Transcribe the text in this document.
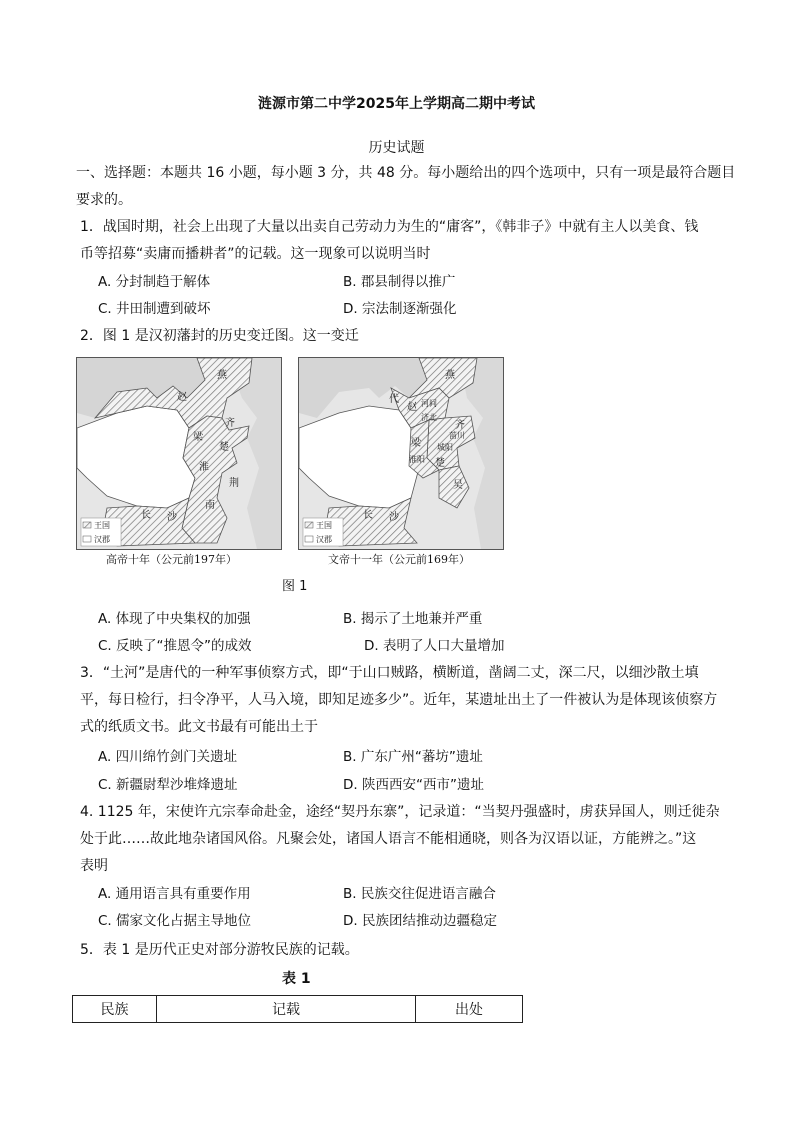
涟源市第二中学2025年上学期高二期中考试
历史试题
一、选择题：本题共 16 小题，每小题 3 分，共 48 分。每小题给出的四个选项中，只有一项是最符合题目
要求的。
1．战国时期，社会上出现了大量以出卖自己劳动力为生的“庸客”，《韩非子》中就有主人以美食、钱
币等招募“卖庸而播耕者”的记载。这一现象可以说明当时
A. 分封制趋于解体	B. 郡县制得以推广
C. 井田制遭到破坏	D. 宗法制逐渐强化
2．图 1 是汉初藩封的历史变迁图。这一变迁
燕
赵
齐
梁
楚
淮
南
荆
长 沙
王国
汉郡
高帝十年（公元前197年）
燕
代
赵 河间
济北
齐
菑川
城阳
梁
淮阳 楚
吴
长 沙
王国
汉郡
文帝十一年（公元前169年）
图 1
A. 体现了中央集权的加强	B. 揭示了土地兼并严重
C. 反映了“推恩令”的成效	D. 表明了人口大量增加
3．“土河”是唐代的一种军事侦察方式，即“于山口贼路，横断道，凿阔二丈，深二尺，以细沙散土填
平，每日检行，扫令净平，人马入境，即知足迹多少”。近年，某遗址出土了一件被认为是体现该侦察方
式的纸质文书。此文书最有可能出土于
A. 四川绵竹剑门关遗址	B. 广东广州“蕃坊”遗址
C. 新疆尉犁沙堆烽遗址	D. 陕西西安“西市”遗址
4. 1125 年，宋使许亢宗奉命赴金，途经“契丹东寨”，记录道：“当契丹强盛时，虏获异国人，则迁徙杂
处于此……故此地杂诸国风俗。凡聚会处，诸国人语言不能相通晓，则各为汉语以证，方能辨之。”这
表明
A. 通用语言具有重要作用	B. 民族交往促进语言融合
C. 儒家文化占据主导地位	D. 民族团结推动边疆稳定
5．表 1 是历代正史对部分游牧民族的记载。
表 1
民族	记载	出处
